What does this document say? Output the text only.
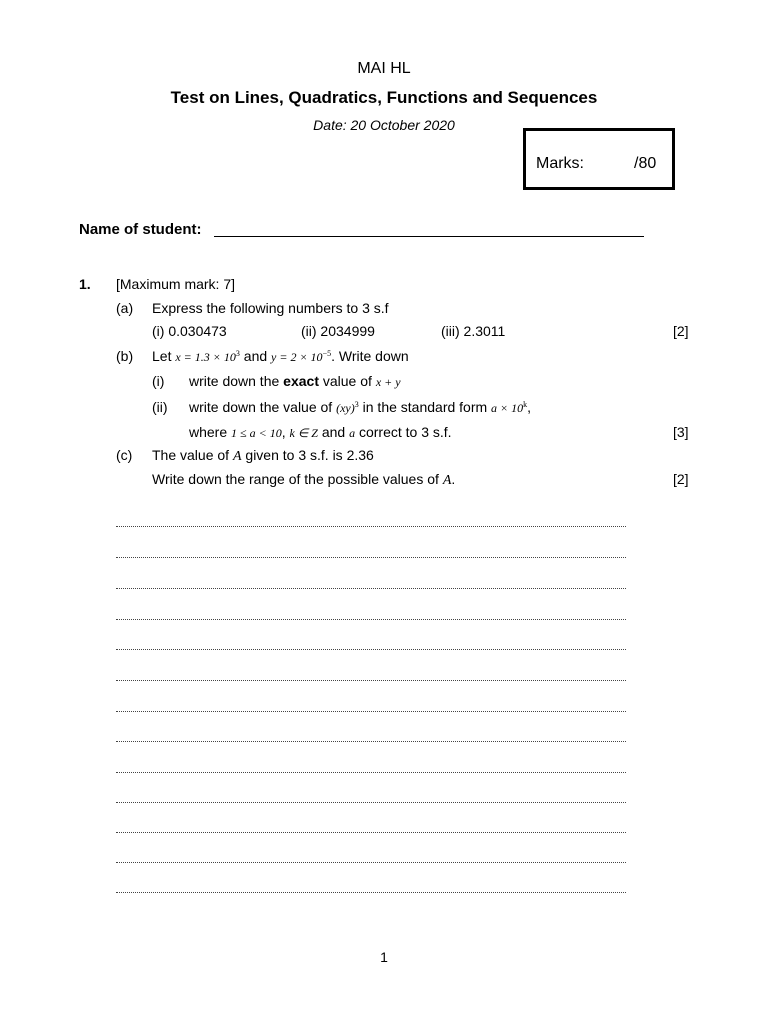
MAI HL
Test on Lines, Quadratics, Functions and Sequences
Date: 20 October 2020
Marks:	/80
Name of student:
1. [Maximum mark: 7]
(a) Express the following numbers to 3 s.f
(i) 0.030473	(ii) 2034999	(iii) 2.3011	[2]
(b) Let $x = 1.3 \times 10^3$ and $y = 2 \times 10^{-5}$. Write down
(i) write down the exact value of x + y
(ii) write down the value of (xy)$^3$ in the standard form $a \times 10^k$,
where 1 ≤ a < 10, k ∈ Z and a correct to 3 s.f.	[3]
(c) The value of A given to 3 s.f. is 2.36
Write down the range of the possible values of A.	[2]
1
